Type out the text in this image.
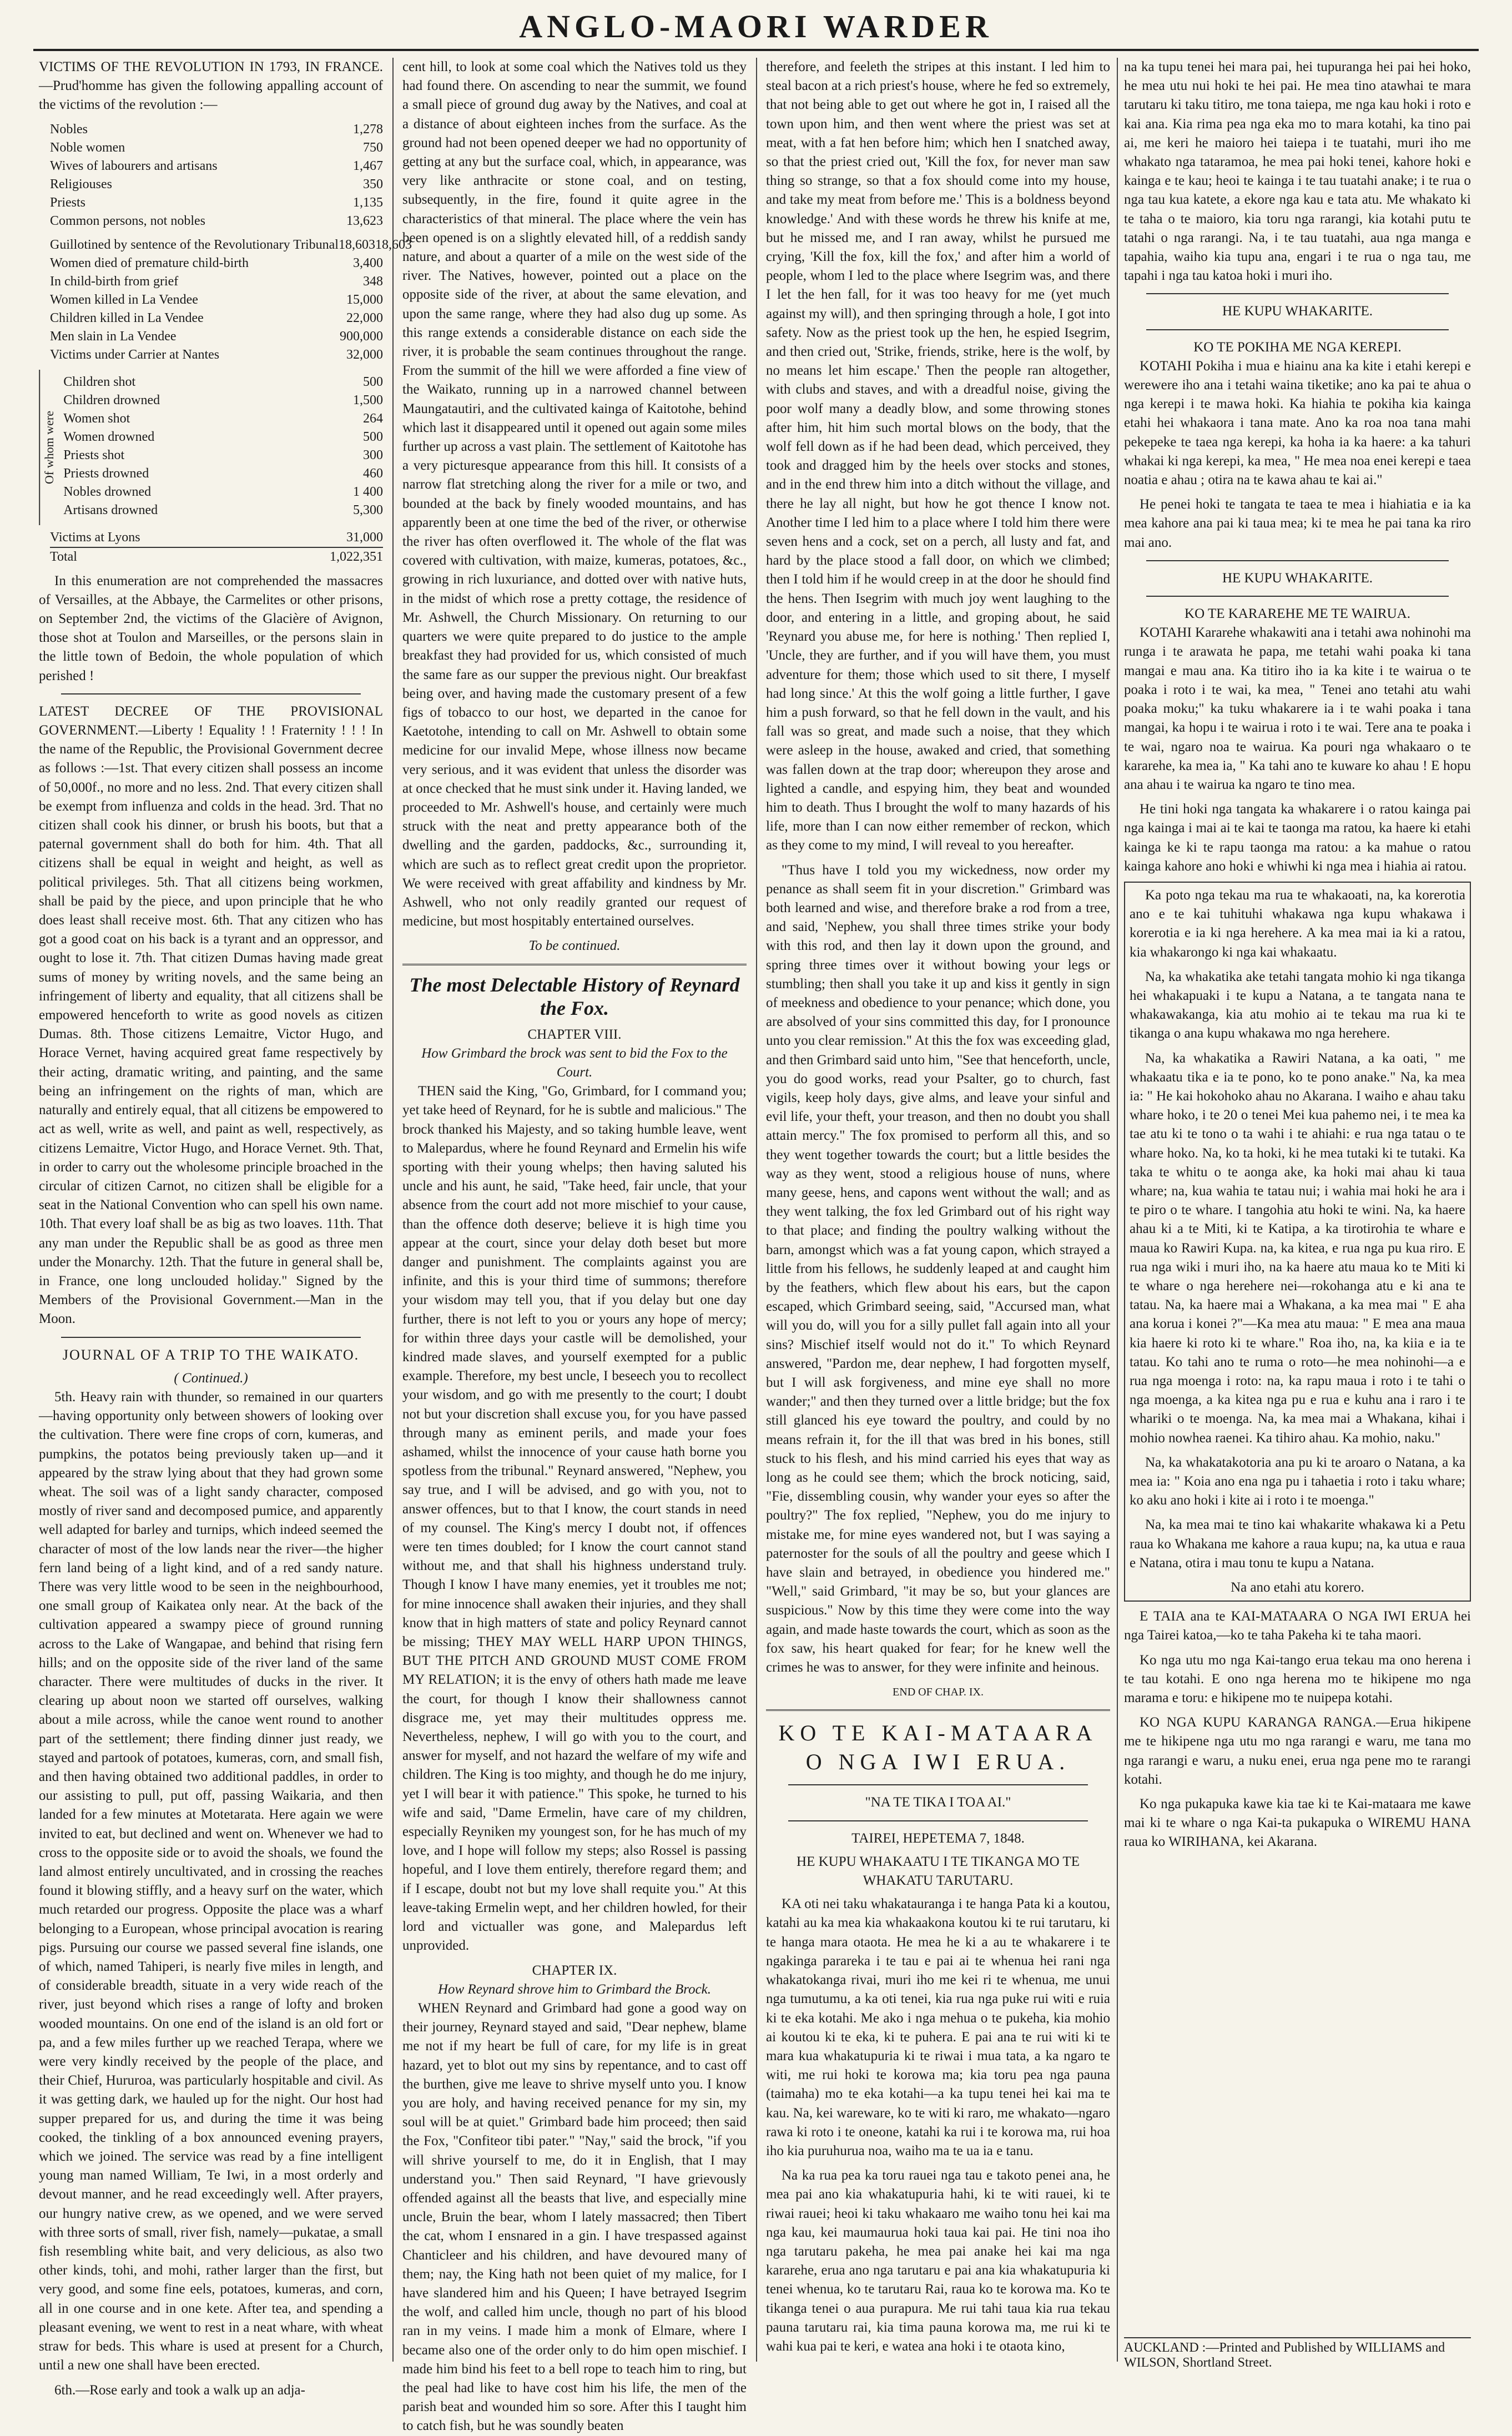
ANGLO-MAORI WARDER

VICTIMS OF THE REVOLUTION IN 1793, IN FRANCE.—Prud'homme has given the following appalling account of the victims of the revolution :—

Nobles	1,278
Noble women	750
Wives of labourers and artisans	1,467
Religiouses	350
Priests	1,135
Common persons, not nobles	13,623
Guillotined by sentence of the Revolutionary Tribunal 18,603 18,603
Women died of premature child-birth	3,400
In child-birth from grief	348
Women killed in La Vendee	15,000
Children killed in La Vendee	22,000
Men slain in La Vendee	900,000
Victims under Carrier at Nantes	32,000
Of whom were
Children shot	500
Children drowned	1,500
Women shot	264
Women drowned	500
Priests shot	300
Priests drowned	460
Nobles drowned	1 400
Artisans drowned	5,300
Victims at Lyons	31,000
Total	1,022,351

In this enumeration are not comprehended the massacres of Versailles, at the Abbaye, the Carmelites or other prisons, on September 2nd, the victims of the Glacière of Avignon, those shot at Toulon and Marseilles, or the persons slain in the little town of Bedoin, the whole population of which perished !

LATEST DECREE OF THE PROVISIONAL GOVERNMENT.—Liberty ! Equality ! ! Fraternity ! ! ! In the name of the Republic, the Provisional Government decree as follows :—1st. That every citizen shall possess an income of 50,000f., no more and no less. 2nd. That every citizen shall be exempt from influenza and colds in the head. 3rd. That no citizen shall cook his dinner, or brush his boots, but that a paternal government shall do both for him. 4th. That all citizens shall be equal in weight and height, as well as political privileges. 5th. That all citizens being workmen, shall be paid by the piece, and upon principle that he who does least shall receive most. 6th. That any citizen who has got a good coat on his back is a tyrant and an oppressor, and ought to lose it. 7th. That citizen Dumas having made great sums of money by writing novels, and the same being an infringement of liberty and equality, that all citizens shall be empowered henceforth to write as good novels as citizen Dumas. 8th. Those citizens Lemaitre, Victor Hugo, and Horace Vernet, having acquired great fame respectively by their acting, dramatic writing, and painting, and the same being an infringement on the rights of man, which are naturally and entirely equal, that all citizens be empowered to act as well, write as well, and paint as well, respectively, as citizens Lemaitre, Victor Hugo, and Horace Vernet. 9th. That, in order to carry out the wholesome principle broached in the circular of citizen Carnot, no citizen shall be eligible for a seat in the National Convention who can spell his own name. 10th. That every loaf shall be as big as two loaves. 11th. That any man under the Republic shall be as good as three men under the Monarchy. 12th. That the future in general shall be, in France, one long unclouded holiday." Signed by the Members of the Provisional Government.—Man in the Moon.

JOURNAL OF A TRIP TO THE WAIKATO.
( Continued.)

5th. Heavy rain with thunder, so remained in our quarters—having opportunity only between showers of looking over the cultivation. There were fine crops of corn, kumeras, and pumpkins, the potatos being previously taken up—and it appeared by the straw lying about that they had grown some wheat. The soil was of a light sandy character, composed mostly of river sand and decomposed pumice, and apparently well adapted for barley and turnips, which indeed seemed the character of most of the low lands near the river—the higher fern land being of a light kind, and of a red sandy nature. There was very little wood to be seen in the neighbourhood, one small group of Kaikatea only near. At the back of the cultivation appeared a swampy piece of ground running across to the Lake of Wangapae, and behind that rising fern hills; and on the opposite side of the river land of the same character. There were multitudes of ducks in the river. It clearing up about noon we started off ourselves, walking about a mile across, while the canoe went round to another part of the settlement; there finding dinner just ready, we stayed and partook of potatoes, kumeras, corn, and small fish, and then having obtained two additional paddles, in order to our assisting to pull, put off, passing Waikaria, and then landed for a few minutes at Motetarata. Here again we were invited to eat, but declined and went on. Whenever we had to cross to the opposite side or to avoid the shoals, we found the land almost entirely uncultivated, and in crossing the reaches found it blowing stiffly, and a heavy surf on the water, which much retarded our progress. Opposite the place was a wharf belonging to a European, whose principal avocation is rearing pigs. Pursuing our course we passed several fine islands, one of which, named Tahiperi, is nearly five miles in length, and of considerable breadth, situate in a very wide reach of the river, just beyond which rises a range of lofty and broken wooded mountains. On one end of the island is an old fort or pa, and a few miles further up we reached Terapa, where we were very kindly received by the people of the place, and their Chief, Hururoa, was particularly hospitable and civil. As it was getting dark, we hauled up for the night. Our host had supper prepared for us, and during the time it was being cooked, the tinkling of a box announced evening prayers, which we joined. The service was read by a fine intelligent young man named William, Te Iwi, in a most orderly and devout manner, and he read exceedingly well. After prayers, our hungry native crew, as we opened, and we were served with three sorts of small, river fish, namely—pukatae, a small fish resembling white bait, and very delicious, as also two other kinds, tohi, and mohi, rather larger than the first, but very good, and some fine eels, potatoes, kumeras, and corn, all in one course and in one kete. After tea, and spending a pleasant evening, we went to rest in a neat whare, with wheat straw for beds. This whare is used at present for a Church, until a new one shall have been erected.

6th.—Rose early and took a walk up an adja-

cent hill, to look at some coal which the Natives told us they had found there. On ascending to near the summit, we found a small piece of ground dug away by the Natives, and coal at a distance of about eighteen inches from the surface. As the ground had not been opened deeper we had no opportunity of getting at any but the surface coal, which, in appearance, was very like anthracite or stone coal, and on testing, subsequently, in the fire, found it quite agree in the characteristics of that mineral. The place where the vein has been opened is on a slightly elevated hill, of a reddish sandy nature, and about a quarter of a mile on the west side of the river. The Natives, however, pointed out a place on the opposite side of the river, at about the same elevation, and upon the same range, where they had also dug up some. As this range extends a considerable distance on each side the river, it is probable the seam continues throughout the range. From the summit of the hill we were afforded a fine view of the Waikato, running up in a narrowed channel between Maungatautiri, and the cultivated kainga of Kaitotohe, behind which last it disappeared until it opened out again some miles further up across a vast plain. The settlement of Kaitotohe has a very picturesque appearance from this hill. It consists of a narrow flat stretching along the river for a mile or two, and bounded at the back by finely wooded mountains, and has apparently been at one time the bed of the river, or otherwise the river has often overflowed it. The whole of the flat was covered with cultivation, with maize, kumeras, potatoes, &c., growing in rich luxuriance, and dotted over with native huts, in the midst of which rose a pretty cottage, the residence of Mr. Ashwell, the Church Missionary. On returning to our quarters we were quite prepared to do justice to the ample breakfast they had provided for us, which consisted of much the same fare as our supper the previous night. Our breakfast being over, and having made the customary present of a few figs of tobacco to our host, we departed in the canoe for Kaetotohe, intending to call on Mr. Ashwell to obtain some medicine for our invalid Mepe, whose illness now became very serious, and it was evident that unless the disorder was at once checked that he must sink under it. Having landed, we proceeded to Mr. Ashwell's house, and certainly were much struck with the neat and pretty appearance both of the dwelling and the garden, paddocks, &c., surrounding it, which are such as to reflect great credit upon the proprietor. We were received with great affability and kindness by Mr. Ashwell, who not only readily granted our request of medicine, but most hospitably entertained ourselves.

To be continued.
The most Delectable History of Reynard the Fox.
CHAPTER VIII.
How Grimbard the brock was sent to bid the Fox to the Court.

THEN said the King, "Go, Grimbard, for I command you; yet take heed of Reynard, for he is subtle and malicious." The brock thanked his Majesty, and so taking humble leave, went to Malepardus, where he found Reynard and Ermelin his wife sporting with their young whelps; then having saluted his uncle and his aunt, he said, "Take heed, fair uncle, that your absence from the court add not more mischief to your cause, than the offence doth deserve; believe it is high time you appear at the court, since your delay doth beset but more danger and punishment. The complaints against you are infinite, and this is your third time of summons; therefore your wisdom may tell you, that if you delay but one day further, there is not left to you or yours any hope of mercy; for within three days your castle will be demolished, your kindred made slaves, and yourself exempted for a public example. Therefore, my best uncle, I beseech you to recollect your wisdom, and go with me presently to the court; I doubt not but your discretion shall excuse you, for you have passed through many as eminent perils, and made your foes ashamed, whilst the innocence of your cause hath borne you spotless from the tribunal." Reynard answered, "Nephew, you say true, and I will be advised, and go with you, not to answer offences, but to that I know, the court stands in need of my counsel. The King's mercy I doubt not, if offences were ten times doubled; for I know the court cannot stand without me, and that shall his highness understand truly. Though I know I have many enemies, yet it troubles me not; for mine innocence shall awaken their injuries, and they shall know that in high matters of state and policy Reynard cannot be missing; THEY MAY WELL HARP UPON THINGS, BUT THE PITCH AND GROUND MUST COME FROM MY RELATION; it is the envy of others hath made me leave the court, for though I know their shallowness cannot disgrace me, yet may their multitudes oppress me. Nevertheless, nephew, I will go with you to the court, and answer for myself, and not hazard the welfare of my wife and children. The King is too mighty, and though he do me injury, yet I will bear it with patience." This spoke, he turned to his wife and said, "Dame Ermelin, have care of my children, especially Reyniken my youngest son, for he has much of my love, and I hope will follow my steps; also Rossel is passing hopeful, and I love them entirely, therefore regard them; and if I escape, doubt not but my love shall requite you." At this leave-taking Ermelin wept, and her children howled, for their lord and victualler was gone, and Malepardus left unprovided.

CHAPTER IX.
How Reynard shrove him to Grimbard the Brock.

WHEN Reynard and Grimbard had gone a good way on their journey, Reynard stayed and said, "Dear nephew, blame me not if my heart be full of care, for my life is in great hazard, yet to blot out my sins by repentance, and to cast off the burthen, give me leave to shrive myself unto you. I know you are holy, and having received penance for my sin, my soul will be at quiet." Grimbard bade him proceed; then said the Fox, "Confiteor tibi pater." "Nay," said the brock, "if you will shrive yourself to me, do it in English, that I may understand you." Then said Reynard, "I have grievously offended against all the beasts that live, and especially mine uncle, Bruin the bear, whom I lately massacred; then Tibert the cat, whom I ensnared in a gin. I have trespassed against Chanticleer and his children, and have devoured many of them; nay, the King hath not been quiet of my malice, for I have slandered him and his Queen; I have betrayed Isegrim the wolf, and called him uncle, though no part of his blood ran in my veins. I made him a monk of Elmare, where I became also one of the order only to do him open mischief. I made him bind his feet to a bell rope to teach him to ring, but the peal had like to have cost him his life, the men of the parish beat and wounded him so sore. After this I taught him to catch fish, but he was soundly beaten

therefore, and feeleth the stripes at this instant. I led him to steal bacon at a rich priest's house, where he fed so extremely, that not being able to get out where he got in, I raised all the town upon him, and then went where the priest was set at meat, with a fat hen before him; which hen I snatched away, so that the priest cried out, 'Kill the fox, for never man saw thing so strange, so that a fox should come into my house, and take my meat from before me.' This is a boldness beyond knowledge.' And with these words he threw his knife at me, but he missed me, and I ran away, whilst he pursued me crying, 'Kill the fox, kill the fox,' and after him a world of people, whom I led to the place where Isegrim was, and there I let the hen fall, for it was too heavy for me (yet much against my will), and then springing through a hole, I got into safety. Now as the priest took up the hen, he espied Isegrim, and then cried out, 'Strike, friends, strike, here is the wolf, by no means let him escape.' Then the people ran altogether, with clubs and staves, and with a dreadful noise, giving the poor wolf many a deadly blow, and some throwing stones after him, hit him such mortal blows on the body, that the wolf fell down as if he had been dead, which perceived, they took and dragged him by the heels over stocks and stones, and in the end threw him into a ditch without the village, and there he lay all night, but how he got thence I know not. Another time I led him to a place where I told him there were seven hens and a cock, set on a perch, all lusty and fat, and hard by the place stood a fall door, on which we climbed; then I told him if he would creep in at the door he should find the hens. Then Isegrim with much joy went laughing to the door, and entering in a little, and groping about, he said 'Reynard you abuse me, for here is nothing.' Then replied I, 'Uncle, they are further, and if you will have them, you must adventure for them; those which used to sit there, I myself had long since.' At this the wolf going a little further, I gave him a push forward, so that he fell down in the vault, and his fall was so great, and made such a noise, that they which were asleep in the house, awaked and cried, that something was fallen down at the trap door; whereupon they arose and lighted a candle, and espying him, they beat and wounded him to death. Thus I brought the wolf to many hazards of his life, more than I can now either remember of reckon, which as they come to my mind, I will reveal to you hereafter.

"Thus have I told you my wickedness, now order my penance as shall seem fit in your discretion." Grimbard was both learned and wise, and therefore brake a rod from a tree, and said, 'Nephew, you shall three times strike your body with this rod, and then lay it down upon the ground, and spring three times over it without bowing your legs or stumbling; then shall you take it up and kiss it gently in sign of meekness and obedience to your penance; which done, you are absolved of your sins committed this day, for I pronounce unto you clear remission." At this the fox was exceeding glad, and then Grimbard said unto him, "See that henceforth, uncle, you do good works, read your Psalter, go to church, fast vigils, keep holy days, give alms, and leave your sinful and evil life, your theft, your treason, and then no doubt you shall attain mercy." The fox promised to perform all this, and so they went together towards the court; but a little besides the way as they went, stood a religious house of nuns, where many geese, hens, and capons went without the wall; and as they went talking, the fox led Grimbard out of his right way to that place; and finding the poultry walking without the barn, amongst which was a fat young capon, which strayed a little from his fellows, he suddenly leaped at and caught him by the feathers, which flew about his ears, but the capon escaped, which Grimbard seeing, said, "Accursed man, what will you do, will you for a silly pullet fall again into all your sins? Mischief itself would not do it." To which Reynard answered, "Pardon me, dear nephew, I had forgotten myself, but I will ask forgiveness, and mine eye shall no more wander;" and then they turned over a little bridge; but the fox still glanced his eye toward the poultry, and could by no means refrain it, for the ill that was bred in his bones, still stuck to his flesh, and his mind carried his eyes that way as long as he could see them; which the brock noticing, said, "Fie, dissembling cousin, why wander your eyes so after the poultry?" The fox replied, "Nephew, you do me injury to mistake me, for mine eyes wandered not, but I was saying a paternoster for the souls of all the poultry and geese which I have slain and betrayed, in obedience you hindered me." "Well," said Grimbard, "it may be so, but your glances are suspicious." Now by this time they were come into the way again, and made haste towards the court, which as soon as the fox saw, his heart quaked for fear; for he knew well the crimes he was to answer, for they were infinite and heinous.

END OF CHAP. IX.
KO TE KAI-MATAARA O NGA IWI ERUA.
"NA TE TIKA I TOA AI."
TAIREI, HEPETEMA 7, 1848.
HE KUPU WHAKAATU I TE TIKANGA MO TE WHAKATU TARUTARU.

KA oti nei taku whakatauranga i te hanga Pata ki a koutou, katahi au ka mea kia whakaakona koutou ki te rui tarutaru, ki te hanga mara otaota. He mea he ki a au te whakarere i te ngakinga parareka i te tau e pai ai te whenua hei rani nga whakatokanga rivai, muri iho me kei ri te whenua, me unui nga tumutumu, a ka oti tenei, kia rua nga puke rui witi e ruia ki te eka kotahi. Me ako i nga mehua o te pukeha, kia mohio ai koutou ki te eka, ki te puhera. E pai ana te rui witi ki te mara kua whakatupuria ki te riwai i mua tata, a ka ngaro te witi, me rui hoki te korowa ma; kia toru pea nga pauna (taimaha) mo te eka kotahi—a ka tupu tenei hei kai ma te kau. Na, kei wareware, ko te witi ki raro, me whakato—ngaro rawa ki roto i te oneone, katahi ka rui i te korowa ma, rui hoa iho kia puruhurua noa, waiho ma te ua ia e tanu.

Na ka rua pea ka toru rauei nga tau e takoto penei ana, he mea pai ano kia whakatupuria hahi, ki te witi rauei, ki te riwai rauei; heoi ki taku whakaaro me waiho tonu hei kai ma nga kau, kei maumaurua hoki taua kai pai. He tini noa iho nga tarutaru pakeha, he mea pai anake hei kai ma nga kararehe, erua ano nga tarutaru e pai ana kia whakatupuria ki tenei whenua, ko te tarutaru Rai, raua ko te korowa ma. Ko te tikanga tenei o aua purapura. Me rui tahi taua kia rua tekau pauna tarutaru rai, kia tima pauna korowa ma, me rui ki te wahi kua pai te keri, e watea ana hoki i te otaota kino,

na ka tupu tenei hei mara pai, hei tupuranga hei pai hei hoko, he mea utu nui hoki te hei pai. He mea tino atawhai te mara tarutaru ki taku titiro, me tona taiepa, me nga kau hoki i roto e kai ana. Kia rima pea nga eka mo to mara kotahi, ka tino pai ai, me keri he maioro hei taiepa i te tuatahi, muri iho me whakato nga tataramoa, he mea pai hoki tenei, kahore hoki e kainga e te kau; heoi te kainga i te tau tuatahi anake; i te rua o nga tau kua katete, a ekore nga kau e tata atu. Me whakato ki te taha o te maioro, kia toru nga rarangi, kia kotahi putu te tatahi o nga rarangi. Na, i te tau tuatahi, aua nga manga e tapahia, waiho kia tupu ana, engari i te rua o nga tau, me tapahi i nga tau katoa hoki i muri iho.

HE KUPU WHAKARITE.
KO TE POKIHA ME NGA KEREPI.

KOTAHI Pokiha i mua e hiainu ana ka kite i etahi kerepi e werewere iho ana i tetahi waina tiketike; ano ka pai te ahua o nga kerepi i te mawa hoki. Ka hiahia te pokiha kia kainga etahi hei whakaora i tana mate. Ano ka roa noa tana mahi pekepeke te taea nga kerepi, ka hoha ia ka haere: a ka tahuri whakai ki nga kerepi, ka mea, " He mea noa enei kerepi e taea noatia e ahau ; otira na te kawa ahau te kai ai."

He penei hoki te tangata te taea te mea i hiahiatia e ia ka mea kahore ana pai ki taua mea; ki te mea he pai tana ka riro mai ano.

HE KUPU WHAKARITE.
KO TE KARAREHE ME TE WAIRUA.

KOTAHI Kararehe whakawiti ana i tetahi awa nohinohi ma runga i te arawata he papa, me tetahi wahi poaka ki tana mangai e mau ana. Ka titiro iho ia ka kite i te wairua o te poaka i roto i te wai, ka mea, " Tenei ano tetahi atu wahi poaka moku;" ka tuku whakarere ia i te wahi poaka i tana mangai, ka hopu i te wairua i roto i te wai. Tere ana te poaka i te wai, ngaro noa te wairua. Ka pouri nga whakaaro o te kararehe, ka mea ia, " Ka tahi ano te kuware ko ahau ! E hopu ana ahau i te wairua ka ngaro te tino mea.

He tini hoki nga tangata ka whakarere i o ratou kainga pai nga kainga i mai ai te kai te taonga ma ratou, ka haere ki etahi kainga ke ki te rapu taonga ma ratou: a ka mahue o ratou kainga kahore ano hoki e whiwhi ki nga mea i hiahia ai ratou.

Ka poto nga tekau ma rua te whakaoati, na, ka korerotia ano e te kai tuhituhi whakawa nga kupu whakawa i korerotia e ia ki nga herehere. A ka mea mai ia ki a ratou, kia whakarongo ki nga kai whakaatu.

Na, ka whakatika ake tetahi tangata mohio ki nga tikanga hei whakapuaki i te kupu a Natana, a te tangata nana te whakawakanga, kia atu mohio ai te tekau ma rua ki te tikanga o ana kupu whakawa mo nga herehere.

Na, ka whakatika a Rawiri Natana, a ka oati, " me whakaatu tika e ia te pono, ko te pono anake." Na, ka mea ia: " He kai hokohoko ahau no Akarana. I waiho e ahau taku whare hoko, i te 20 o tenei Mei kua pahemo nei, i te mea ka tae atu ki te tono o ta wahi i te ahiahi: e rua nga tatau o te whare hoko. Na, ko ta hoki, ki he mea tutaki ki te tutaki. Ka taka te whitu o te aonga ake, ka hoki mai ahau ki taua whare; na, kua wahia te tatau nui; i wahia mai hoki he ara i te piro o te whare. I tangohia atu hoki te wini. Na, ka haere ahau ki a te Miti, ki te Katipa, a ka tirotirohia te whare e maua ko Rawiri Kupa. na, ka kitea, e rua nga pu kua riro. E rua nga wiki i muri iho, na ka haere atu maua ko te Miti ki te whare o nga herehere nei—rokohanga atu e ki ana te tatau. Na, ka haere mai a Whakana, a ka mea mai " E aha ana korua i konei ?"—Ka mea atu maua: " E mea ana maua kia haere ki roto ki te whare." Roa iho, na, ka kiia e ia te tatau. Ko tahi ano te ruma o roto—he mea nohinohi—a e rua nga moenga i roto: na, ka rapu maua i roto i te tahi o nga moenga, a ka kitea nga pu e rua e kuhu ana i raro i te whariki o te moenga. Na, ka mea mai a Whakana, kihai i mohio nowhea raenei. Ka tihiro ahau. Ka mohio, naku."

Na, ka whakatakotoria ana pu ki te aroaro o Natana, a ka mea ia: " Koia ano ena nga pu i tahaetia i roto i taku whare; ko aku ano hoki i kite ai i roto i te moenga."

Na, ka mea mai te tino kai whakarite whakawa ki a Petu raua ko Whakana me kahore a raua kupu; na, ka utua e raua e Natana, otira i mau tonu te kupu a Natana.

Na ano etahi atu korero.

E TAIA ana te KAI-MATAARA O NGA IWI ERUA hei nga Tairei katoa,—ko te taha Pakeha ki te taha maori.

Ko nga utu mo nga Kai-tango erua tekau ma ono herena i te tau kotahi. E ono nga herena mo te hikipene mo nga marama e toru: e hikipene mo te nuipepa kotahi.

KO NGA KUPU KARANGA RANGA.—Erua hikipene me te hikipene nga utu mo nga rarangi e waru, me tana mo nga rarangi e waru, a nuku enei, erua nga pene mo te rarangi kotahi.

Ko nga pukapuka kawe kia tae ki te Kai-mataara me kawe mai ki te whare o nga Kai-ta pukapuka o WIREMU HANA raua ko WIRIHANA, kei Akarana.

AUCKLAND :—Printed and Published by WILLIAMS and WILSON, Shortland Street.
